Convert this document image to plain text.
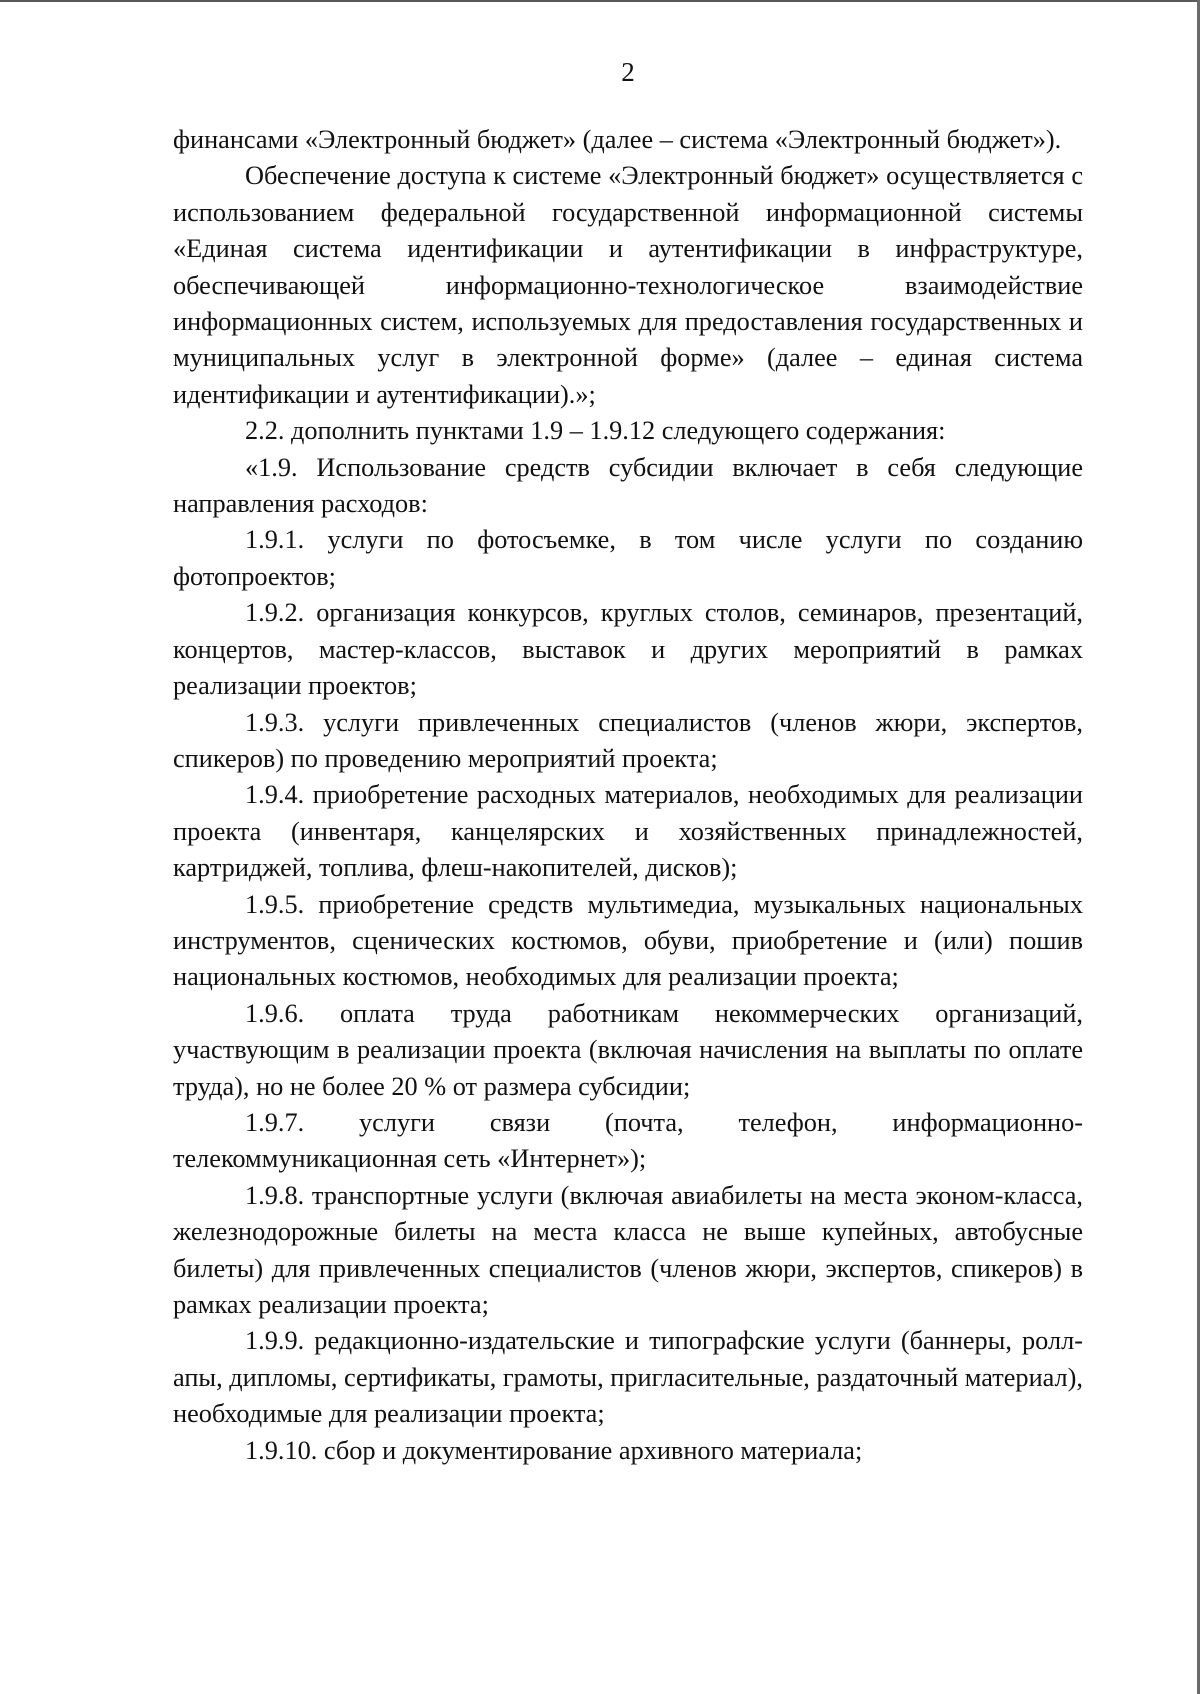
2

финансами «Электронный бюджет» (далее – система «Электронный бюджет»).

Обеспечение доступа к системе «Электронный бюджет» осуществляется с использованием федеральной государственной информационной системы «Единая система идентификации и аутентификации в инфраструктуре, обеспечивающей информационно-технологическое взаимодействие информационных систем, используемых для предоставления государственных и муниципальных услуг в электронной форме» (далее – единая система идентификации и аутентификации).»;

2.2. дополнить пунктами 1.9 – 1.9.12 следующего содержания:

«1.9. Использование средств субсидии включает в себя следующие направления расходов:

1.9.1. услуги по фотосъемке, в том числе услуги по созданию фотопроектов;

1.9.2. организация конкурсов, круглых столов, семинаров, презентаций, концертов, мастер-классов, выставок и других мероприятий в рамках реализации проектов;

1.9.3. услуги привлеченных специалистов (членов жюри, экспертов, спикеров) по проведению мероприятий проекта;

1.9.4. приобретение расходных материалов, необходимых для реализации проекта (инвентаря, канцелярских и хозяйственных принадлежностей, картриджей, топлива, флеш-накопителей, дисков);

1.9.5. приобретение средств мультимедиа, музыкальных национальных инструментов, сценических костюмов, обуви, приобретение и (или) пошив национальных костюмов, необходимых для реализации проекта;

1.9.6. оплата труда работникам некоммерческих организаций, участвующим в реализации проекта (включая начисления на выплаты по оплате труда), но не более 20 % от размера субсидии;

1.9.7. услуги связи (почта, телефон, информационно-телекоммуникационная сеть «Интернет»);

1.9.8. транспортные услуги (включая авиабилеты на места эконом-класса, железнодорожные билеты на места класса не выше купейных, автобусные билеты) для привлеченных специалистов (членов жюри, экспертов, спикеров) в рамках реализации проекта;

1.9.9. редакционно-издательские и типографские услуги (баннеры, ролл-апы, дипломы, сертификаты, грамоты, пригласительные, раздаточный материал), необходимые для реализации проекта;

1.9.10. сбор и документирование архивного материала;
